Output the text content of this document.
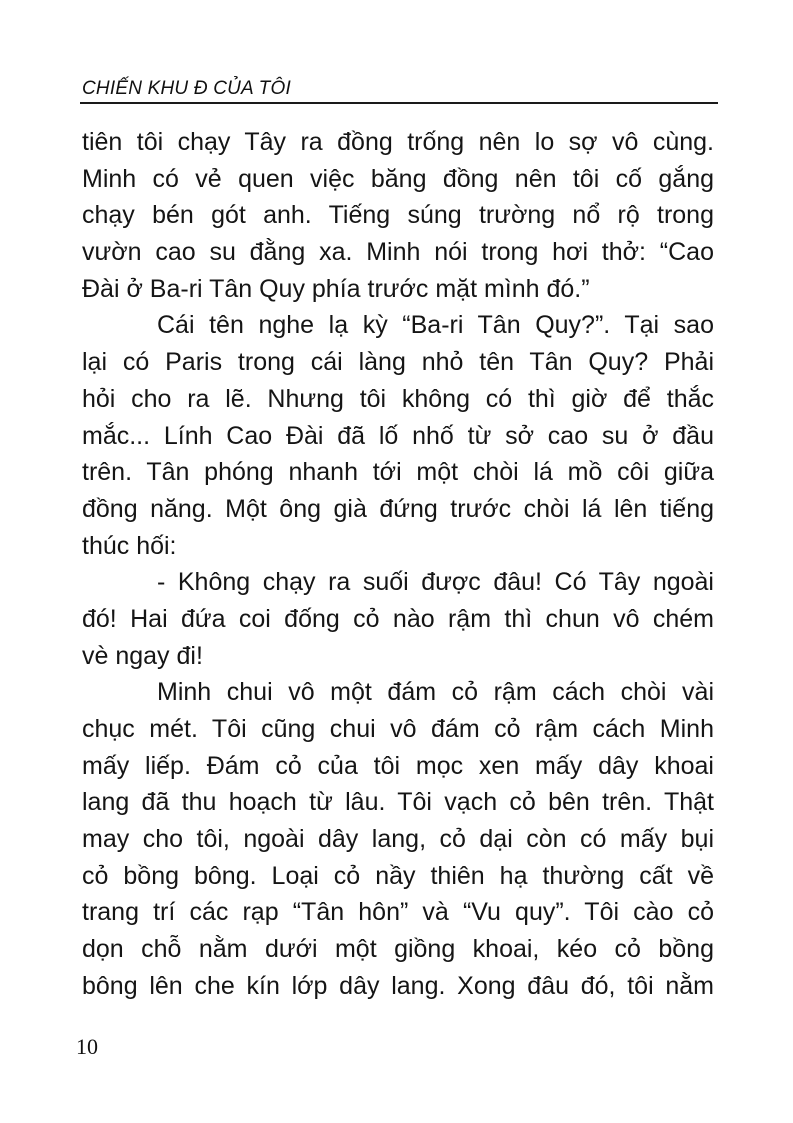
CHIẾN KHU Đ CỦA TÔI
tiên tôi chạy Tây ra đồng trống nên lo sợ vô cùng.
Minh có vẻ quen việc băng đồng nên tôi cố gắng
chạy bén gót anh. Tiếng súng trường nổ rộ trong
vườn cao su đằng xa. Minh nói trong hơi thở: “Cao
Đài ở Ba-ri Tân Quy phía trước mặt mình đó.”
Cái tên nghe lạ kỳ “Ba-ri Tân Quy?”. Tại sao
lại có Paris trong cái làng nhỏ tên Tân Quy? Phải
hỏi cho ra lẽ. Nhưng tôi không có thì giờ để thắc
mắc... Lính Cao Đài đã lố nhố từ sở cao su ở đầu
trên. Tân phóng nhanh tới một chòi lá mồ côi giữa
đồng năng. Một ông già đứng trước chòi lá lên tiếng
thúc hối:
- Không chạy ra suối được đâu! Có Tây ngoài
đó! Hai đứa coi đống cỏ nào rậm thì chun vô chém
vè ngay đi!
Minh chui vô một đám cỏ rậm cách chòi vài
chục mét. Tôi cũng chui vô đám cỏ rậm cách Minh
mấy liếp. Đám cỏ của tôi mọc xen mấy dây khoai
lang đã thu hoạch từ lâu. Tôi vạch cỏ bên trên. Thật
may cho tôi, ngoài dây lang, cỏ dại còn có mấy bụi
cỏ bồng bông. Loại cỏ nầy thiên hạ thường cất về
trang trí các rạp “Tân hôn” và “Vu quy”. Tôi cào cỏ
dọn chỗ nằm dưới một giồng khoai, kéo cỏ bồng
bông lên che kín lớp dây lang. Xong đâu đó, tôi nằm
10
